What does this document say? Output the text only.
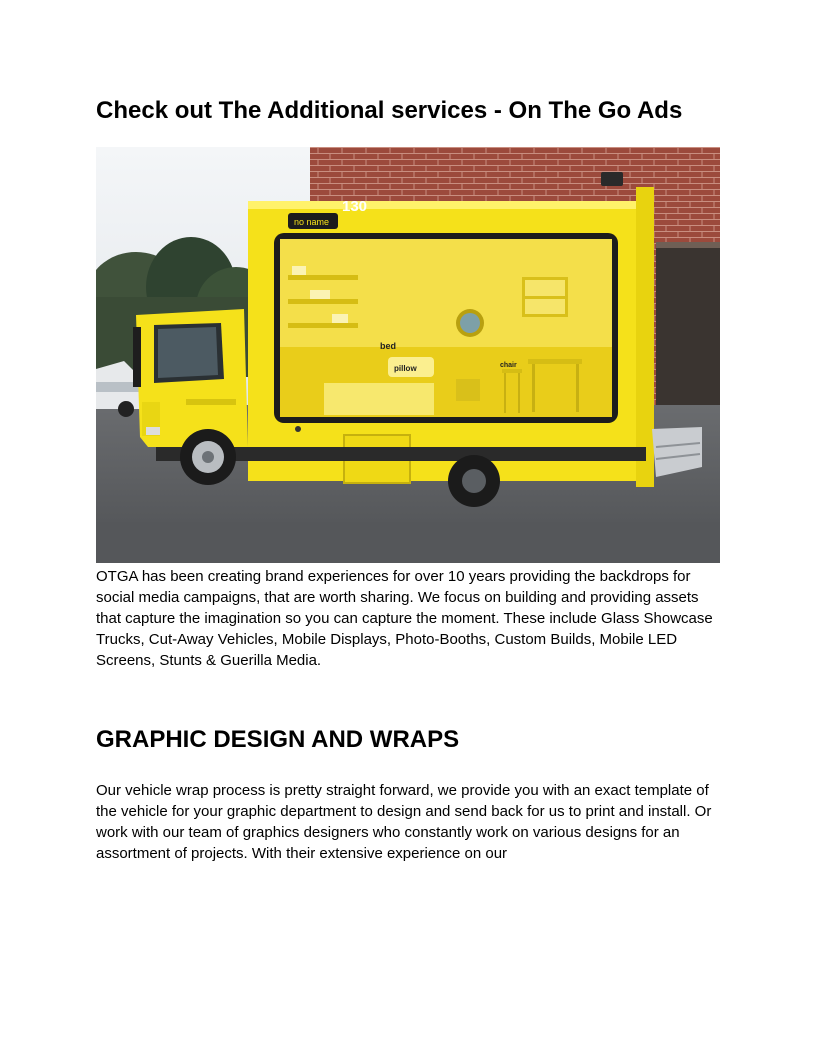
Check out The Additional services - On The Go Ads
bed
pillow	chair
no name
130

OTGA has been creating brand experiences for over 10 years providing the backdrops for social media campaigns, that are worth sharing. We focus on building and providing assets that capture the imagination so you can capture the moment. These include Glass Showcase Trucks, Cut-Away Vehicles, Mobile Displays, Photo-Booths, Custom Builds, Mobile LED Screens, Stunts & Guerilla Media.

GRAPHIC DESIGN AND WRAPS

Our vehicle wrap process is pretty straight forward, we provide you with an exact template of the vehicle for your graphic department to design and send back for us to print and install. Or work with our team of graphics designers who constantly work on various designs for an assortment of projects. With their extensive experience on our
